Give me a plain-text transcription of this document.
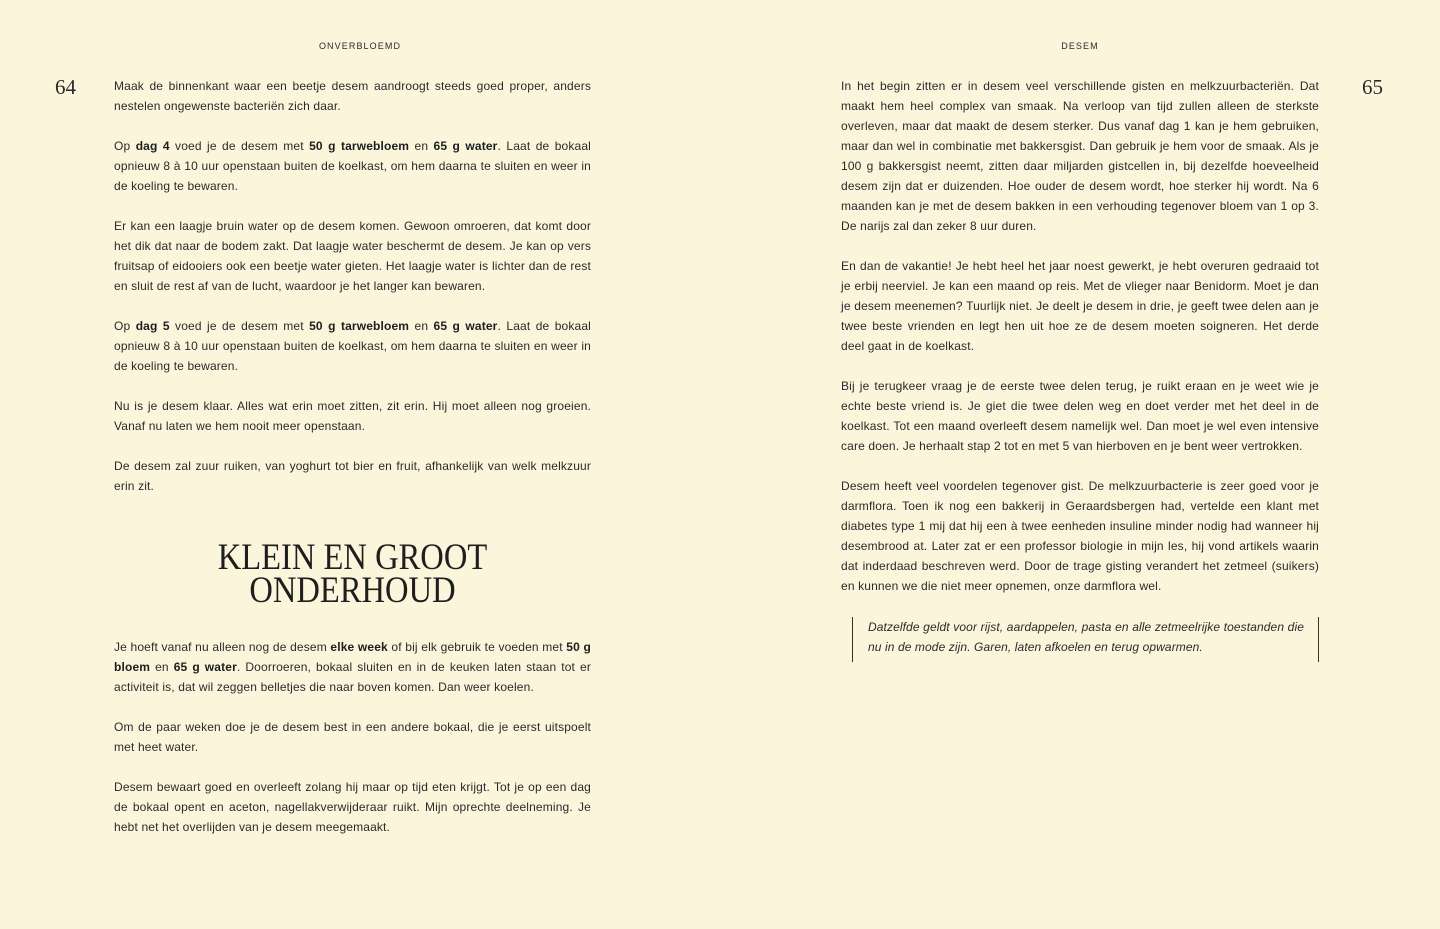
ONVERBLOEMD
64	Maak de binnenkant waar een beetje desem aandroogt steeds goed proper, anders nestelen ongewenste bacteriën zich daar.

Op dag 4 voed je de desem met 50 g tarwebloem en 65 g water. Laat de bokaal opnieuw 8 à 10 uur openstaan buiten de koelkast, om hem daarna te sluiten en weer in de koeling te bewaren.

Er kan een laagje bruin water op de desem komen. Gewoon omroeren, dat komt door het dik dat naar de bodem zakt. Dat laagje water beschermt de desem. Je kan op vers fruitsap of eidooiers ook een beetje water gieten. Het laagje water is lichter dan de rest en sluit de rest af van de lucht, waardoor je het langer kan bewaren.

Op dag 5 voed je de desem met 50 g tarwebloem en 65 g water. Laat de bokaal opnieuw 8 à 10 uur openstaan buiten de koelkast, om hem daarna te sluiten en weer in de koeling te bewaren.

Nu is je desem klaar. Alles wat erin moet zitten, zit erin. Hij moet alleen nog groeien. Vanaf nu laten we hem nooit meer openstaan.

De desem zal zuur ruiken, van yoghurt tot bier en fruit, afhankelijk van welk melkzuur erin zit.

KLEIN EN GROOT
ONDERHOUD

Je hoeft vanaf nu alleen nog de desem elke week of bij elk gebruik te voeden met 50 g bloem en 65 g water. Doorroeren, bokaal sluiten en in de keuken laten staan tot er activiteit is, dat wil zeggen belletjes die naar boven komen. Dan weer koelen.

Om de paar weken doe je de desem best in een andere bokaal, die je eerst uitspoelt met heet water.

Desem bewaart goed en overleeft zolang hij maar op tijd eten krijgt. Tot je op een dag de bokaal opent en aceton, nagellakverwijderaar ruikt. Mijn oprechte deelneming. Je hebt net het overlijden van je desem meegemaakt.

DESEM
65

In het begin zitten er in desem veel verschillende gisten en melkzuurbacteriën. Dat maakt hem heel complex van smaak. Na verloop van tijd zullen alleen de sterkste overleven, maar dat maakt de desem sterker. Dus vanaf dag 1 kan je hem gebruiken, maar dan wel in combinatie met bakkersgist. Dan gebruik je hem voor de smaak. Als je 100 g bakkersgist neemt, zitten daar miljarden gistcellen in, bij dezelfde hoeveelheid desem zijn dat er duizenden. Hoe ouder de desem wordt, hoe sterker hij wordt. Na 6 maanden kan je met de desem bakken in een verhouding tegenover bloem van 1 op 3. De narijs zal dan zeker 8 uur duren.

En dan de vakantie! Je hebt heel het jaar noest gewerkt, je hebt overuren gedraaid tot je erbij neerviel. Je kan een maand op reis. Met de vlieger naar Benidorm. Moet je dan je desem meenemen? Tuurlijk niet. Je deelt je desem in drie, je geeft twee delen aan je twee beste vrienden en legt hen uit hoe ze de desem moeten soigneren. Het derde deel gaat in de koelkast.

Bij je terugkeer vraag je de eerste twee delen terug, je ruikt eraan en je weet wie je echte beste vriend is. Je giet die twee delen weg en doet verder met het deel in de koelkast. Tot een maand overleeft desem namelijk wel. Dan moet je wel even intensive care doen. Je herhaalt stap 2 tot en met 5 van hierboven en je bent weer vertrokken.

Desem heeft veel voordelen tegenover gist. De melkzuurbacterie is zeer goed voor je darmflora. Toen ik nog een bakkerij in Geraardsbergen had, vertelde een klant met diabetes type 1 mij dat hij een à twee eenheden insuline minder nodig had wanneer hij desembrood at. Later zat er een professor biologie in mijn les, hij vond artikels waarin dat inderdaad beschreven werd. Door de trage gisting verandert het zetmeel (suikers) en kunnen we die niet meer opnemen, onze darmflora wel.

Datzelfde geldt voor rijst, aardappelen, pasta en alle zetmeelrijke toestanden die nu in de mode zijn. Garen, laten afkoelen en terug opwarmen.
